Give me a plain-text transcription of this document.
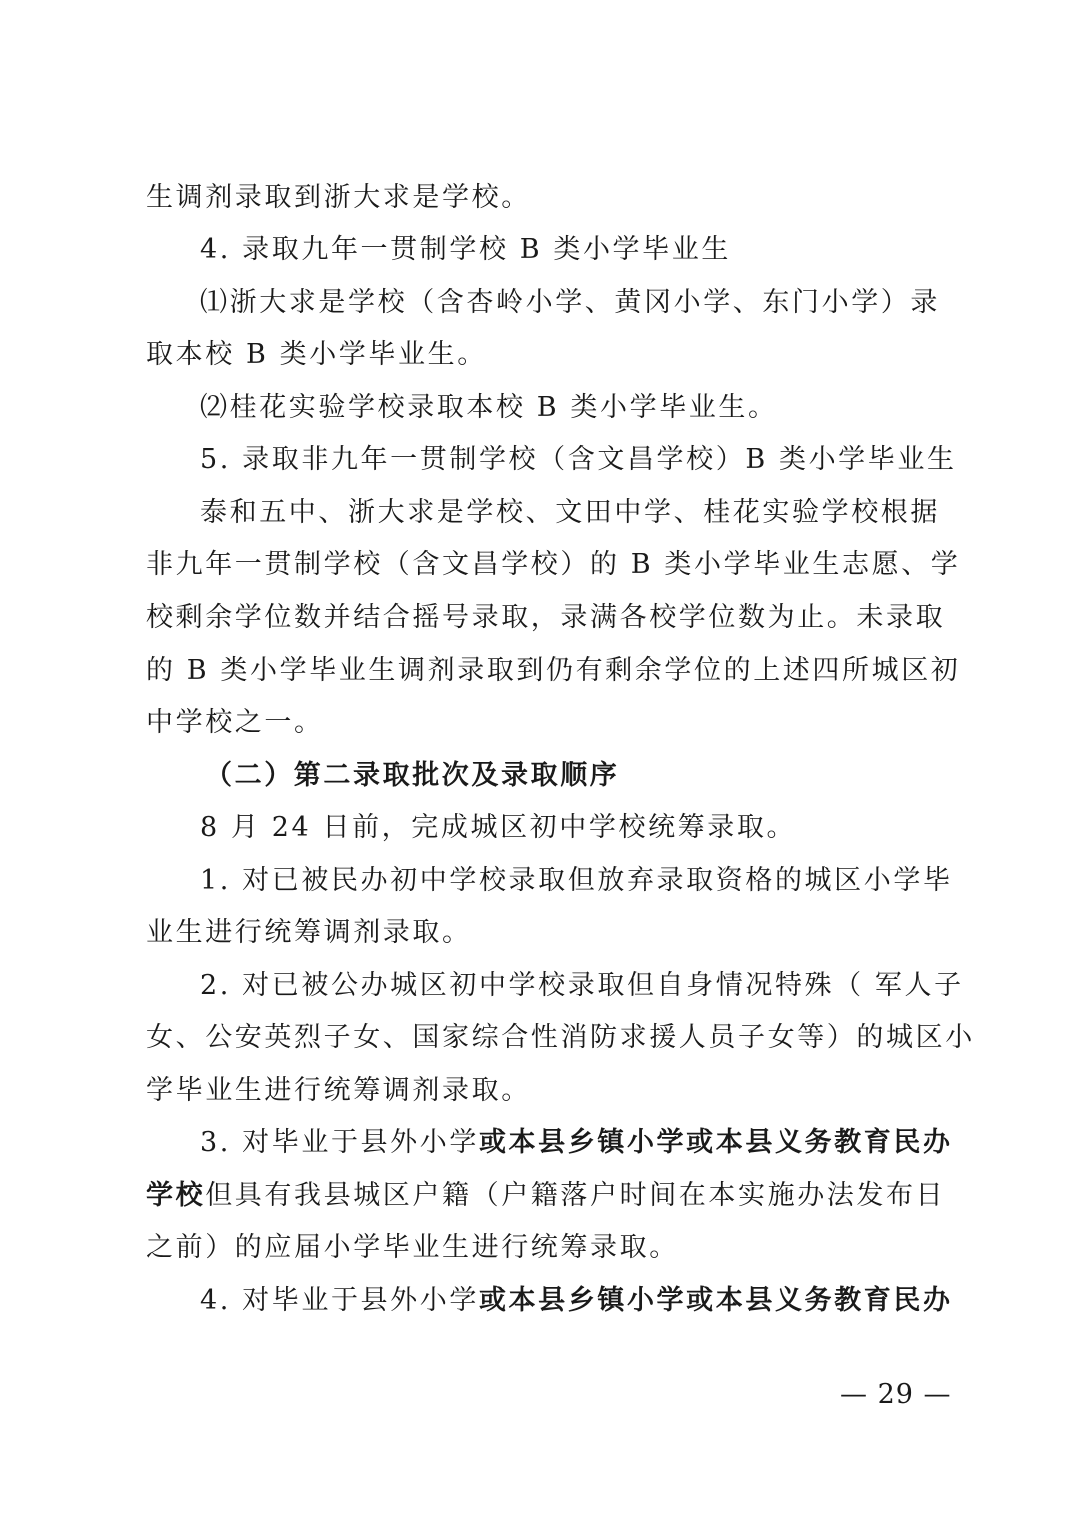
生调剂录取到浙大求是学校。
4. 录取九年一贯制学校 B 类小学毕业生
⑴浙大求是学校（含杏岭小学、黄冈小学、东门小学）录
取本校 B 类小学毕业生。
⑵桂花实验学校录取本校 B 类小学毕业生。
5. 录取非九年一贯制学校（含文昌学校）B 类小学毕业生
泰和五中、浙大求是学校、文田中学、桂花实验学校根据
非九年一贯制学校（含文昌学校）的 B 类小学毕业生志愿、学
校剩余学位数并结合摇号录取，录满各校学位数为止。未录取
的 B 类小学毕业生调剂录取到仍有剩余学位的上述四所城区初
中学校之一。
（二）第二录取批次及录取顺序
8 月 24 日前，完成城区初中学校统筹录取。
1. 对已被民办初中学校录取但放弃录取资格的城区小学毕
业生进行统筹调剂录取。
2. 对已被公办城区初中学校录取但自身情况特殊（ 军人子
女、公安英烈子女、国家综合性消防求援人员子女等）的城区小
学毕业生进行统筹调剂录取。
3. 对毕业于县外小学或本县乡镇小学或本县义务教育民办
学校但具有我县城区户籍（户籍落户时间在本实施办法发布日
之前）的应届小学毕业生进行统筹录取。
4. 对毕业于县外小学或本县乡镇小学或本县义务教育民办
— 29 —
